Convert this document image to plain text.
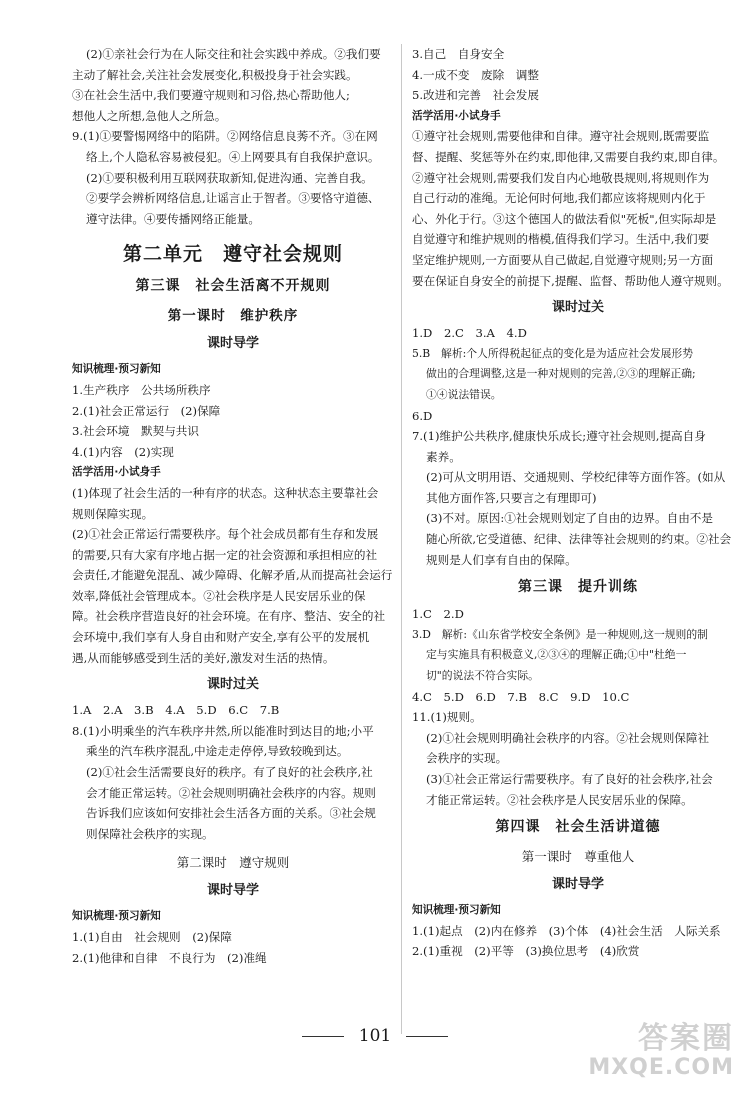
(2)①亲社会行为在人际交往和社会实践中养成。②我们要
主动了解社会,关注社会发展变化,积极投身于社会实践。
③在社会生活中,我们要遵守规则和习俗,热心帮助他人;
想他人之所想,急他人之所急。
9.(1)①要警惕网络中的陷阱。②网络信息良莠不齐。③在网
络上,个人隐私容易被侵犯。④上网要具有自我保护意识。
(2)①要积极利用互联网获取新知,促进沟通、完善自我。
②要学会辨析网络信息,让谣言止于智者。③要恪守道德、
遵守法律。④要传播网络正能量。
第二单元　遵守社会规则
第三课　社会生活离不开规则
第一课时　维护秩序
课时导学
知识梳理·预习新知
1.生产秩序　公共场所秩序
2.(1)社会正常运行　(2)保障
3.社会环境　默契与共识
4.(1)内容　(2)实现
活学活用·小试身手
(1)体现了社会生活的一种有序的状态。这种状态主要靠社会
规则保障实现。
(2)①社会正常运行需要秩序。每个社会成员都有生存和发展
的需要,只有大家有序地占据一定的社会资源和承担相应的社
会责任,才能避免混乱、减少障碍、化解矛盾,从而提高社会运行
效率,降低社会管理成本。②社会秩序是人民安居乐业的保
障。社会秩序营造良好的社会环境。在有序、整洁、安全的社
会环境中,我们享有人身自由和财产安全,享有公平的发展机
遇,从而能够感受到生活的美好,激发对生活的热情。
课时过关
1.A　2.A　3.B　4.A　5.D　6.C　7.B
8.(1)小明乘坐的汽车秩序井然,所以能准时到达目的地;小平
乘坐的汽车秩序混乱,中途走走停停,导致较晚到达。
(2)①社会生活需要良好的秩序。有了良好的社会秩序,社
会才能正常运转。②社会规则明确社会秩序的内容。规则
告诉我们应该如何安排社会生活各方面的关系。③社会规
则保障社会秩序的实现。
第二课时　遵守规则
课时导学
知识梳理·预习新知
1.(1)自由　社会规则　(2)保障
2.(1)他律和自律　不良行为　(2)准绳
3.自己　自身安全
4.一成不变　废除　调整
5.改进和完善　社会发展
活学活用·小试身手
①遵守社会规则,需要他律和自律。遵守社会规则,既需要监
督、提醒、奖惩等外在约束,即他律,又需要自我约束,即自律。
②遵守社会规则,需要我们发自内心地敬畏规则,将规则作为
自己行动的准绳。无论何时何地,我们都应该将规则内化于
心、外化于行。③这个德国人的做法看似"死板",但实际却是
自觉遵守和维护规则的楷模,值得我们学习。生活中,我们要
坚定维护规则,一方面要从自己做起,自觉遵守规则;另一方面
要在保证自身安全的前提下,提醒、监督、帮助他人遵守规则。
课时过关
1.D　2.C　3.A　4.D
5.B　解析:个人所得税起征点的变化是为适应社会发展形势
做出的合理调整,这是一种对规则的完善,②③的理解正确;
①④说法错误。
6.D
7.(1)维护公共秩序,健康快乐成长;遵守社会规则,提高自身
素养。
(2)可从文明用语、交通规则、学校纪律等方面作答。(如从
其他方面作答,只要言之有理即可)
(3)不对。原因:①社会规则划定了自由的边界。自由不是
随心所欲,它受道德、纪律、法律等社会规则的约束。②社会
规则是人们享有自由的保障。
第三课　提升训练
1.C　2.D
3.D　解析:《山东省学校安全条例》是一种规则,这一规则的制
定与实施具有积极意义,②③④的理解正确;①中"杜绝一
切"的说法不符合实际。
4.C　5.D　6.D　7.B　8.C　9.D　10.C
11.(1)规则。
(2)①社会规则明确社会秩序的内容。②社会规则保障社
会秩序的实现。
(3)①社会正常运行需要秩序。有了良好的社会秩序,社会
才能正常运转。②社会秩序是人民安居乐业的保障。
第四课　社会生活讲道德
第一课时　尊重他人
课时导学
知识梳理·预习新知
1.(1)起点　(2)内在修养　(3)个体　(4)社会生活　人际关系
2.(1)重视　(2)平等　(3)换位思考　(4)欣赏
101	答案圈
MXQE.COM
